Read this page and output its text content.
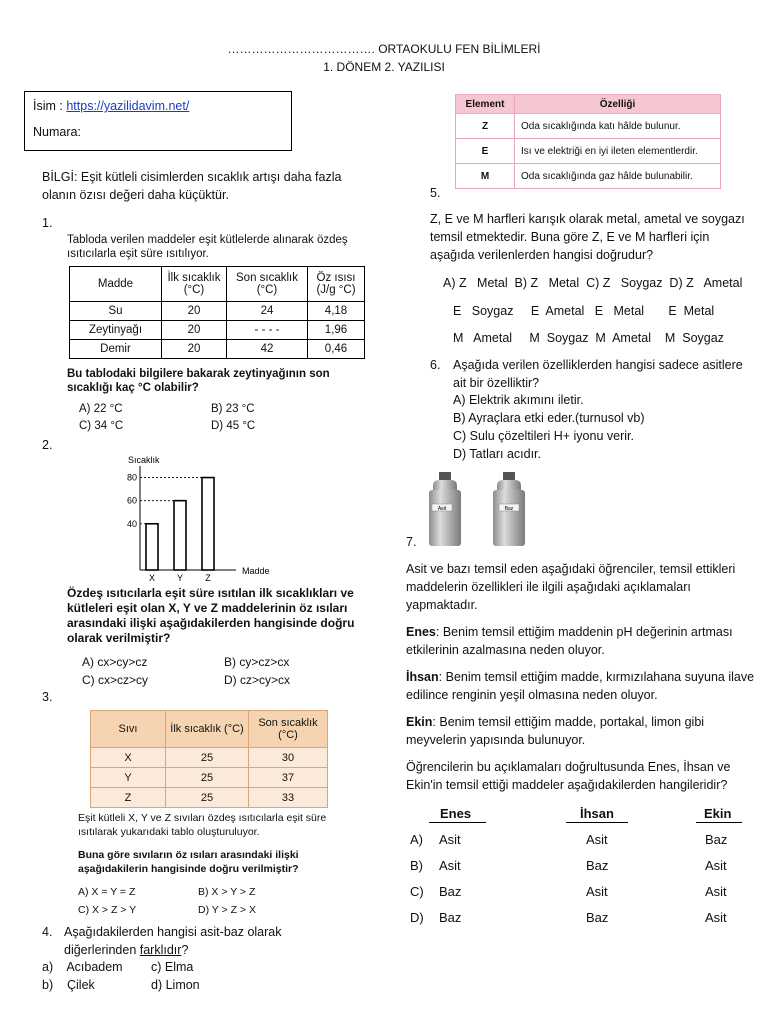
………………………………. ORTAOKULU FEN BİLİMLERİ
1. DÖNEM 2. YAZILISI
İsim : https://yazilidavim.net/
Numara:
BİLGİ: Eşit kütleli cisimlerden sıcaklık artışı daha fazla olanın özısı değeri daha küçüktür.
1.
Tabloda verilen maddeler eşit kütlelerde alınarak özdeş ısıtıcılarla eşit süre ısıtılıyor.
Madde	İlk sıcaklık (°C)	Son sıcaklık (°C)	Öz ısısı (J/g °C)
Su	20	24	4,18
Zeytinyağı	20	- - - -	1,96
Demir	20	42	0,46
Bu tablodaki bilgilere bakarak zeytinyağının son sıcaklığı kaç °C olabilir?
A) 22 °C	B) 23 °C
C) 34 °C	D) 45 °C
2.
Sıcaklık
Madde
40
X
60
Y
80
Z
Özdeş ısıtıcılarla eşit süre ısıtılan ilk sıcaklıkları ve kütleleri eşit olan X, Y ve Z maddelerinin öz ısıları arasındaki ilişki aşağıdakilerden hangisinde doğru olarak verilmiştir?
A) cx>cy>cz	B) cy>cz>cx
C) cx>cz>cy	D) cz>cy>cx
3.
Sıvı	İlk sıcaklık (°C)	Son sıcaklık (°C)
X	25	30
Y	25	37
Z	25	33
Eşit kütleli X, Y ve Z sıvıları özdeş ısıtıcılarla eşit süre ısıtılarak yukarıdaki tablo oluşturuluyor.
Buna göre sıvıların öz ısıları arasındaki ilişki aşağıdakilerin hangisinde doğru verilmiştir?
A) X = Y = Z	B) X > Y > Z
C) X > Z > Y	D) Y > Z > X
4. Aşağıdakilerden hangisi asit-baz olarak diğerlerinden farklıdır?
a)    Acıbadem c) Elma
b)    Çilek	d) Limon
Element	Özelliği
Z	Oda sıcaklığında katı hâlde bulunur.
E	Isı ve elektriği en iyi ileten elementlerdir.
M	Oda sıcaklığında gaz hâlde bulunabilir.
5.
Z, E ve M harfleri karışık olarak metal, ametal ve soygazı temsil etmektedir. Buna göre Z, E ve M harfleri için aşağıda verilenlerden hangisi doğrudur?
A) Z   Metal  B) Z   Metal  C) Z   Soygaz  D) Z   Ametal
E   Soygaz     E  Ametal   E   Metal       E  Metal
M   Ametal     M  Soygaz  M  Ametal    M  Soygaz
6. Aşağıda verilen özelliklerden hangisi sadece asitlere ait bir özelliktir?
A) Elektrik akımını iletir.
B) Ayraçlara etki eder.(turnusol vb)
C) Sulu çözeltileri H+ iyonu verir.
D) Tatları acıdır.
Asit	Baz
7.
Asit ve bazı temsil eden aşağıdaki öğrenciler, temsil ettikleri maddelerin özellikleri ile ilgili aşağıdaki açıklamaları yapmaktadır.
Enes: Benim temsil ettiğim maddenin pH değerinin artması etkilerinin azalmasına neden oluyor.
İhsan: Benim temsil ettiğim madde, kırmızılahana suyuna ilave edilince renginin yeşil olmasına neden oluyor.
Ekin: Benim temsil ettiğim madde, portakal, limon gibi meyvelerin yapısında bulunuyor.
Öğrencilerin bu açıklamaları doğrultusunda Enes, İhsan ve Ekin'in temsil ettiği maddeler aşağıdakilerden hangileridir?
Enes	İhsan	Ekin
A) Asit	Asit	Baz
B) Asit	Baz	Asit
C) Baz	Asit	Asit
D) Baz	Baz	Asit
